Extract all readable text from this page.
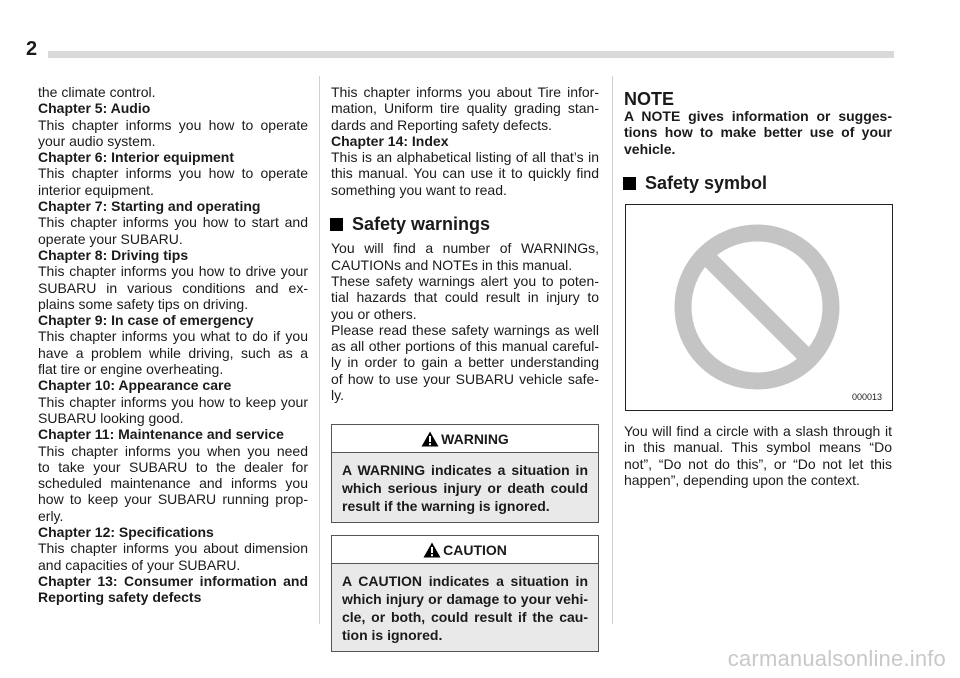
2

the climate control.

Chapter 5: Audio

This chapter informs you how to operate

your audio system.

Chapter 6: Interior equipment

This chapter informs you how to operate

interior equipment.

Chapter 7: Starting and operating

This chapter informs you how to start and

operate your SUBARU.

Chapter 8: Driving tips

This chapter informs you how to drive your

SUBARU in various conditions and ex-

plains some safety tips on driving.

Chapter 9: In case of emergency

This chapter informs you what to do if you

have a problem while driving, such as a

flat tire or engine overheating.

Chapter 10: Appearance care

This chapter informs you how to keep your

SUBARU looking good.

Chapter 11: Maintenance and service

This chapter informs you when you need

to take your SUBARU to the dealer for

scheduled maintenance and informs you

how to keep your SUBARU running prop-

erly.

Chapter 12: Specifications

This chapter informs you about dimension

and capacities of your SUBARU.

Chapter 13: Consumer information and

Reporting safety defects

This chapter informs you about Tire infor-

mation, Uniform tire quality grading stan-

dards and Reporting safety defects.

Chapter 14: Index

This is an alphabetical listing of all that’s in

this manual. You can use it to quickly find

something you want to read.

Safety warnings

You will find a number of WARNINGs,

CAUTIONs and NOTEs in this manual.

These safety warnings alert you to poten-

tial hazards that could result in injury to

you or others.

Please read these safety warnings as well

as all other portions of this manual careful-

ly in order to gain a better understanding

of how to use your SUBARU vehicle safe-

ly.

WARNING

A WARNING indicates a situation in

which serious injury or death could

result if the warning is ignored.

CAUTION

A CAUTION indicates a situation in

which injury or damage to your vehi-

cle, or both, could result if the cau-

tion is ignored.

NOTE

A NOTE gives information or sugges-

tions how to make better use of your

vehicle.

Safety symbol
000013

You will find a circle with a slash through it

in this manual. This symbol means “Do

not”, “Do not do this”, or “Do not let this

happen”, depending upon the context.

carmanualsonline.info
